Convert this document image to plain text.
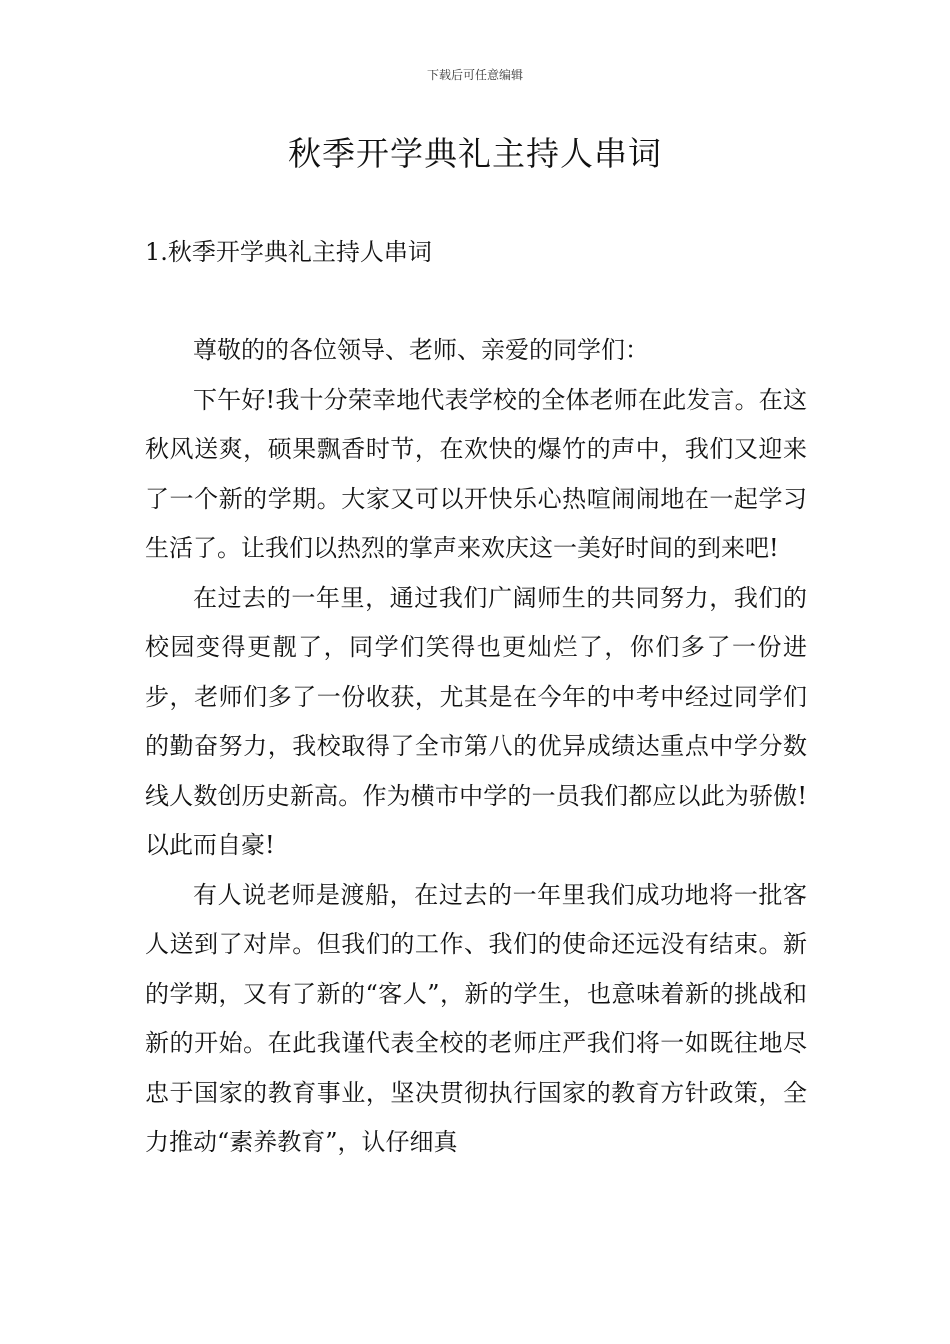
下载后可任意编辑
秋季开学典礼主持人串词
1.秋季开学典礼主持人串词

尊敬的的各位领导、老师、亲爱的同学们：

下午好!我十分荣幸地代表学校的全体老师在此发言。在这秋风送爽，硕果飘香时节，在欢快的爆竹的声中，我们又迎来了一个新的学期。大家又可以开快乐心热喧闹闹地在一起学习生活了。让我们以热烈的掌声来欢庆这一美好时间的到来吧!

在过去的一年里，通过我们广阔师生的共同努力，我们的校园变得更靓了，同学们笑得也更灿烂了，你们多了一份进步，老师们多了一份收获，尤其是在今年的中考中经过同学们的勤奋努力，我校取得了全市第八的优异成绩达重点中学分数线人数创历史新高。作为横市中学的一员我们都应以此为骄傲!以此而自豪!

有人说老师是渡船，在过去的一年里我们成功地将一批客人送到了对岸。但我们的工作、我们的使命还远没有结束。新的学期，又有了新的“客人”，新的学生，也意味着新的挑战和新的开始。在此我谨代表全校的老师庄严我们将一如既往地尽忠于国家的教育事业，坚决贯彻执行国家的教育方针政策，全力推动“素养教育”，认仔细真
